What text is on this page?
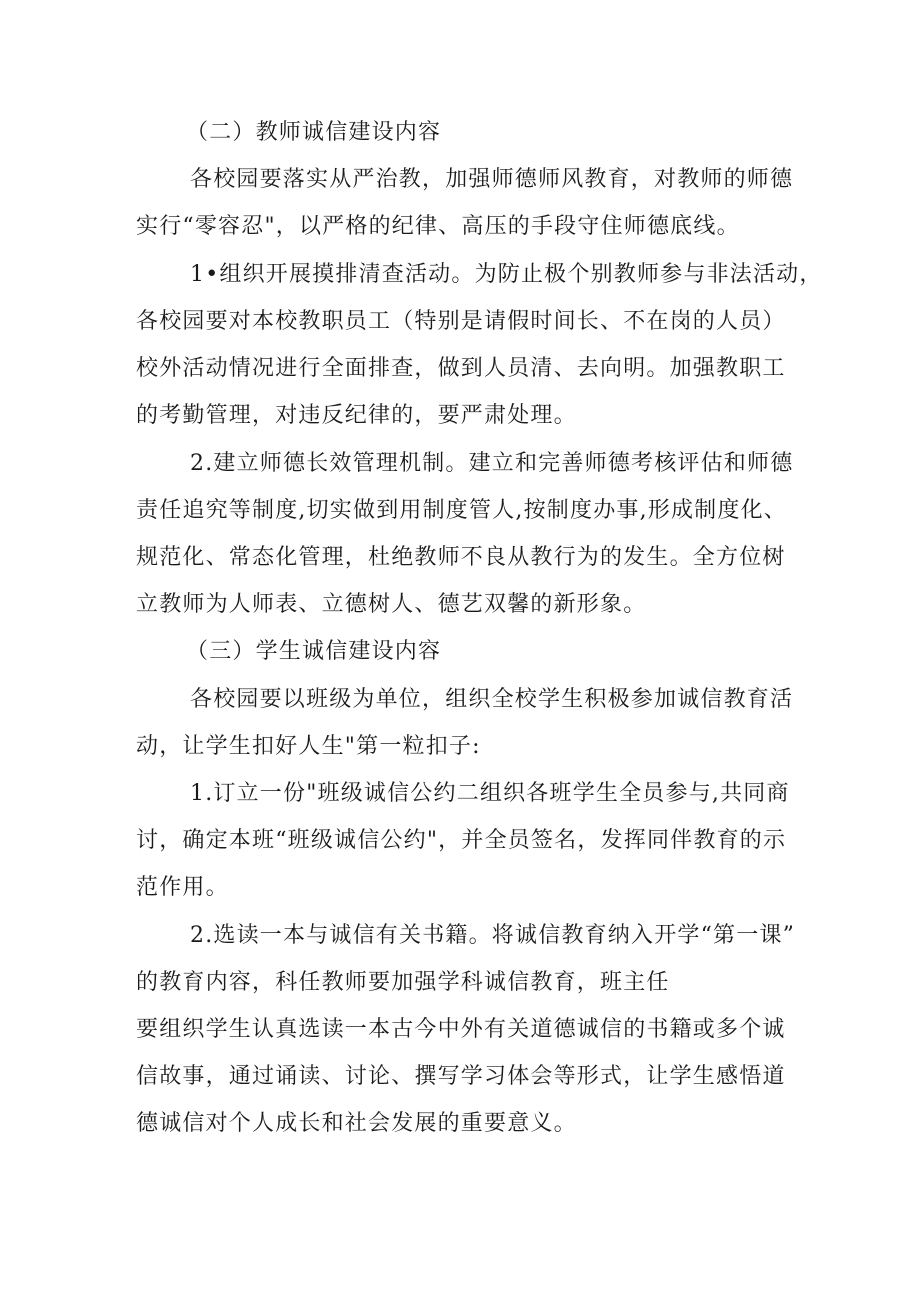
（二）教师诚信建设内容
各校园要落实从严治教，加强师德师风教育，对教师的师德
实行“零容忍"，以严格的纪律、高压的手段守住师德底线。
1•组织开展摸排清查活动。为防止极个别教师参与非法活动，
各校园要对本校教职员工（特别是请假时间长、不在岗的人员）
校外活动情况进行全面排查，做到人员清、去向明。加强教职工
的考勤管理，对违反纪律的，要严肃处理。
2.建立师德长效管理机制。建立和完善师德考核评估和师德
责任追究等制度,切实做到用制度管人,按制度办事,形成制度化、
规范化、常态化管理，杜绝教师不良从教行为的发生。全方位树
立教师为人师表、立德树人、德艺双馨的新形象。
（三）学生诚信建设内容
各校园要以班级为单位，组织全校学生积极参加诚信教育活
动，让学生扣好人生"第一粒扣子:
1.订立一份"班级诚信公约二组织各班学生全员参与,共同商
讨，确定本班“班级诚信公约"，并全员签名，发挥同伴教育的示
范作用。
2.选读一本与诚信有关书籍。将诚信教育纳入开学“第一课”
的教育内容，科任教师要加强学科诚信教育，班主任
要组织学生认真选读一本古今中外有关道德诚信的书籍或多个诚
信故事，通过诵读、讨论、撰写学习体会等形式，让学生感悟道
德诚信对个人成长和社会发展的重要意义。
